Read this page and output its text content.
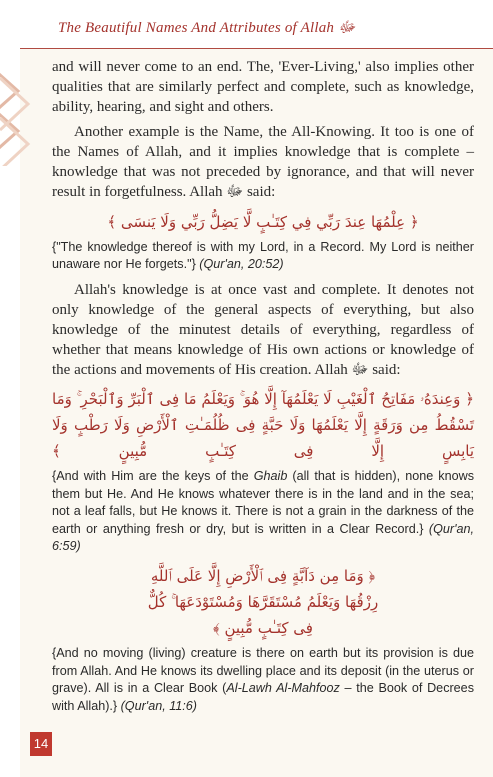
The Beautiful Names And Attributes of Allah ﷻ

and will never come to an end. The, 'Ever-Living,' also implies other qualities that are similarly perfect and complete, such as knowledge, ability, hearing, and sight and others.

Another example is the Name, the All-Knowing. It too is one of the Names of Allah, and it implies knowledge that is complete – knowledge that was not preceded by ignorance, and that will never result in forgetfulness. Allah ﷻ said:

﴿ عِلْمُهَا عِندَ رَبِّي فِي كِتَـٰبٍ لَّا يَضِلُّ رَبِّي وَلَا يَنسَى ﴾

{"The knowledge thereof is with my Lord, in a Record. My Lord is neither unaware nor He forgets."} (Qur'an, 20:52)

Allah's knowledge is at once vast and complete. It denotes not only knowledge of the general aspects of everything, but also knowledge of the minutest details of everything, regardless of whether that means knowledge of His own actions or knowledge of the actions and movements of His creation. Allah ﷻ said:

﴿ وَعِندَهُۥ مَفَاتِحُ ٱلْغَيْبِ لَا يَعْلَمُهَآ إِلَّا هُوَ ۚ وَيَعْلَمُ مَا فِى ٱلْبَرِّ وَٱلْبَحْرِ ۚ وَمَا تَسْقُطُ مِن وَرَقَةٍ إِلَّا يَعْلَمُهَا وَلَا حَبَّةٍ فِى ظُلُمَـٰتِ ٱلْأَرْضِ وَلَا رَطْبٍ وَلَا يَابِسٍ إِلَّا فِى كِتَـٰبٍ مُّبِينٍ ﴾

{And with Him are the keys of the Ghaib (all that is hidden), none knows them but He. And He knows whatever there is in the land and in the sea; not a leaf falls, but He knows it. There is not a grain in the darkness of the earth or anything fresh or dry, but is written in a Clear Record.} (Qur'an, 6:59)

﴿ وَمَا مِن دَآبَّةٍ فِى ٱلْأَرْضِ إِلَّا عَلَى ٱللَّهِ رِزْقُهَا وَيَعْلَمُ مُسْتَقَرَّهَا وَمُسْتَوْدَعَهَا ۚ كُلٌّ فِى كِتَـٰبٍ مُّبِينٍ ﴾

{And no moving (living) creature is there on earth but its provision is due from Allah. And He knows its dwelling place and its deposit (in the uterus or grave). All is in a Clear Book (Al-Lawh Al-Mahfooz – the Book of Decrees with Allah).} (Qur'an, 11:6)

14
